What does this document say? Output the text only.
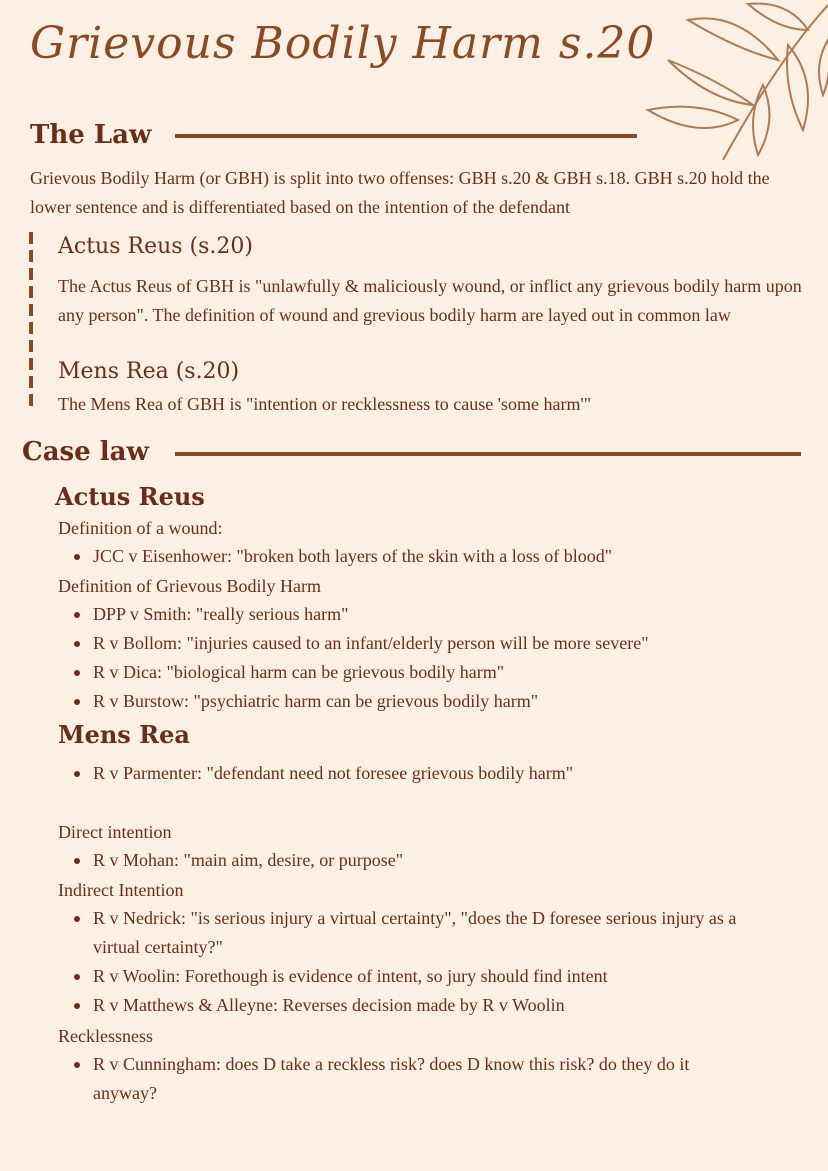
Grievous Bodily Harm s.20
The Law

Grievous Bodily Harm (or GBH) is split into two offenses: GBH s.20 & GBH s.18. GBH s.20 hold the lower sentence and is differentiated based on the intention of the defendant

Actus Reus (s.20)

The Actus Reus of GBH is "unlawfully & maliciously wound, or inflict any grievous bodily harm upon any person". The definition of wound and grevious bodily harm are layed out in common law

Mens Rea (s.20)

The Mens Rea of GBH is "intention or recklessness to cause 'some harm'"

Case law
Actus Reus

Definition of a wound:

JCC v Eisenhower: "broken both layers of the skin with a loss of blood"

Definition of Grievous Bodily Harm

DPP v Smith: "really serious harm"

R v Bollom: "injuries caused to an infant/elderly person will be more severe"

R v Dica: "biological harm can be grievous bodily harm"

R v Burstow: "psychiatric harm can be grievous bodily harm"

Mens Rea

R v Parmenter: "defendant need not foresee grievous bodily harm"

Direct intention

R v Mohan: "main aim, desire, or purpose"

Indirect Intention

R v Nedrick: "is serious injury a virtual certainty", "does the D foresee serious injury as a virtual certainty?"

R v Woolin: Forethough is evidence of intent, so jury should find intent

R v Matthews & Alleyne: Reverses decision made by R v Woolin

Recklessness

R v Cunningham: does D take a reckless risk? does D know this risk? do they do it anyway?
